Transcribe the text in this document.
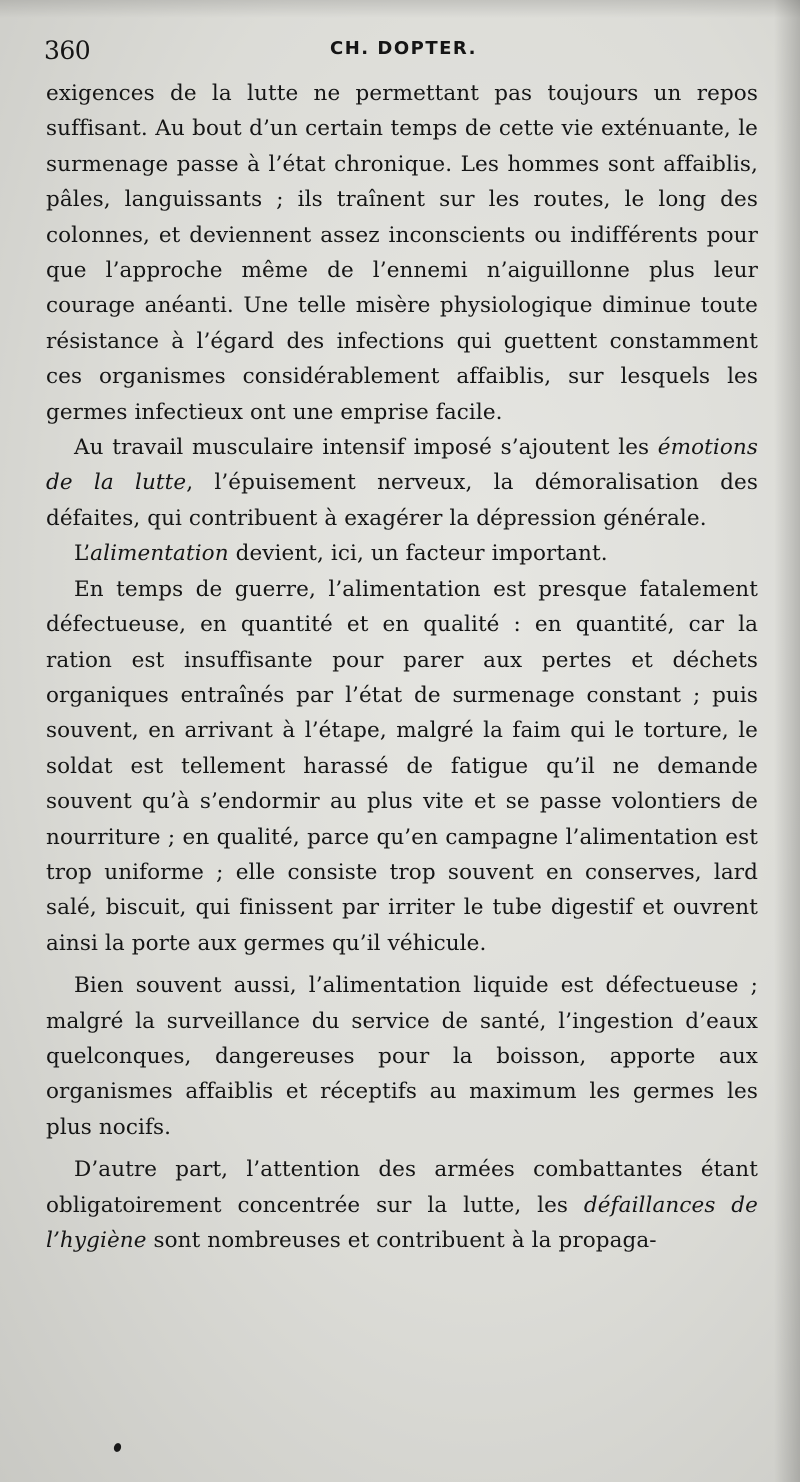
360	CH. DOPTER.

exigences de la lutte ne permettant pas toujours un repos suffisant. Au bout d’un certain temps de cette vie exténuante, le surmenage passe à l’état chronique. Les hommes sont affaiblis, pâles, languissants ; ils traînent sur les routes, le long des colonnes, et deviennent assez inconscients ou indifférents pour que l’approche même de l’ennemi n’aiguillonne plus leur courage anéanti. Une telle misère physiologique diminue toute résistance à l’égard des infections qui guettent constamment ces organismes considérablement affaiblis, sur lesquels les germes infectieux ont une emprise facile.

Au travail musculaire intensif imposé s’ajoutent les émotions de la lutte, l’épuisement nerveux, la démoralisation des défaites, qui contribuent à exagérer la dépression générale.

L’alimentation devient, ici, un facteur important.

En temps de guerre, l’alimentation est presque fatalement défectueuse, en quantité et en qualité : en quantité, car la ration est insuffisante pour parer aux pertes et déchets organiques entraînés par l’état de surmenage constant ; puis souvent, en arrivant à l’étape, malgré la faim qui le torture, le soldat est tellement harassé de fatigue qu’il ne demande souvent qu’à s’endormir au plus vite et se passe volontiers de nourriture ; en qualité, parce qu’en campagne l’alimentation est trop uniforme ; elle consiste trop souvent en conserves, lard salé, biscuit, qui finissent par irriter le tube digestif et ouvrent ainsi la porte aux germes qu’il véhicule.

Bien souvent aussi, l’alimentation liquide est défectueuse ; malgré la surveillance du service de santé, l’ingestion d’eaux quelconques, dangereuses pour la boisson, apporte aux organismes affaiblis et réceptifs au maximum les germes les plus nocifs.

D’autre part, l’attention des armées combattantes étant obligatoirement concentrée sur la lutte, les défaillances de l’hygiène sont nombreuses et contribuent à la propaga-
